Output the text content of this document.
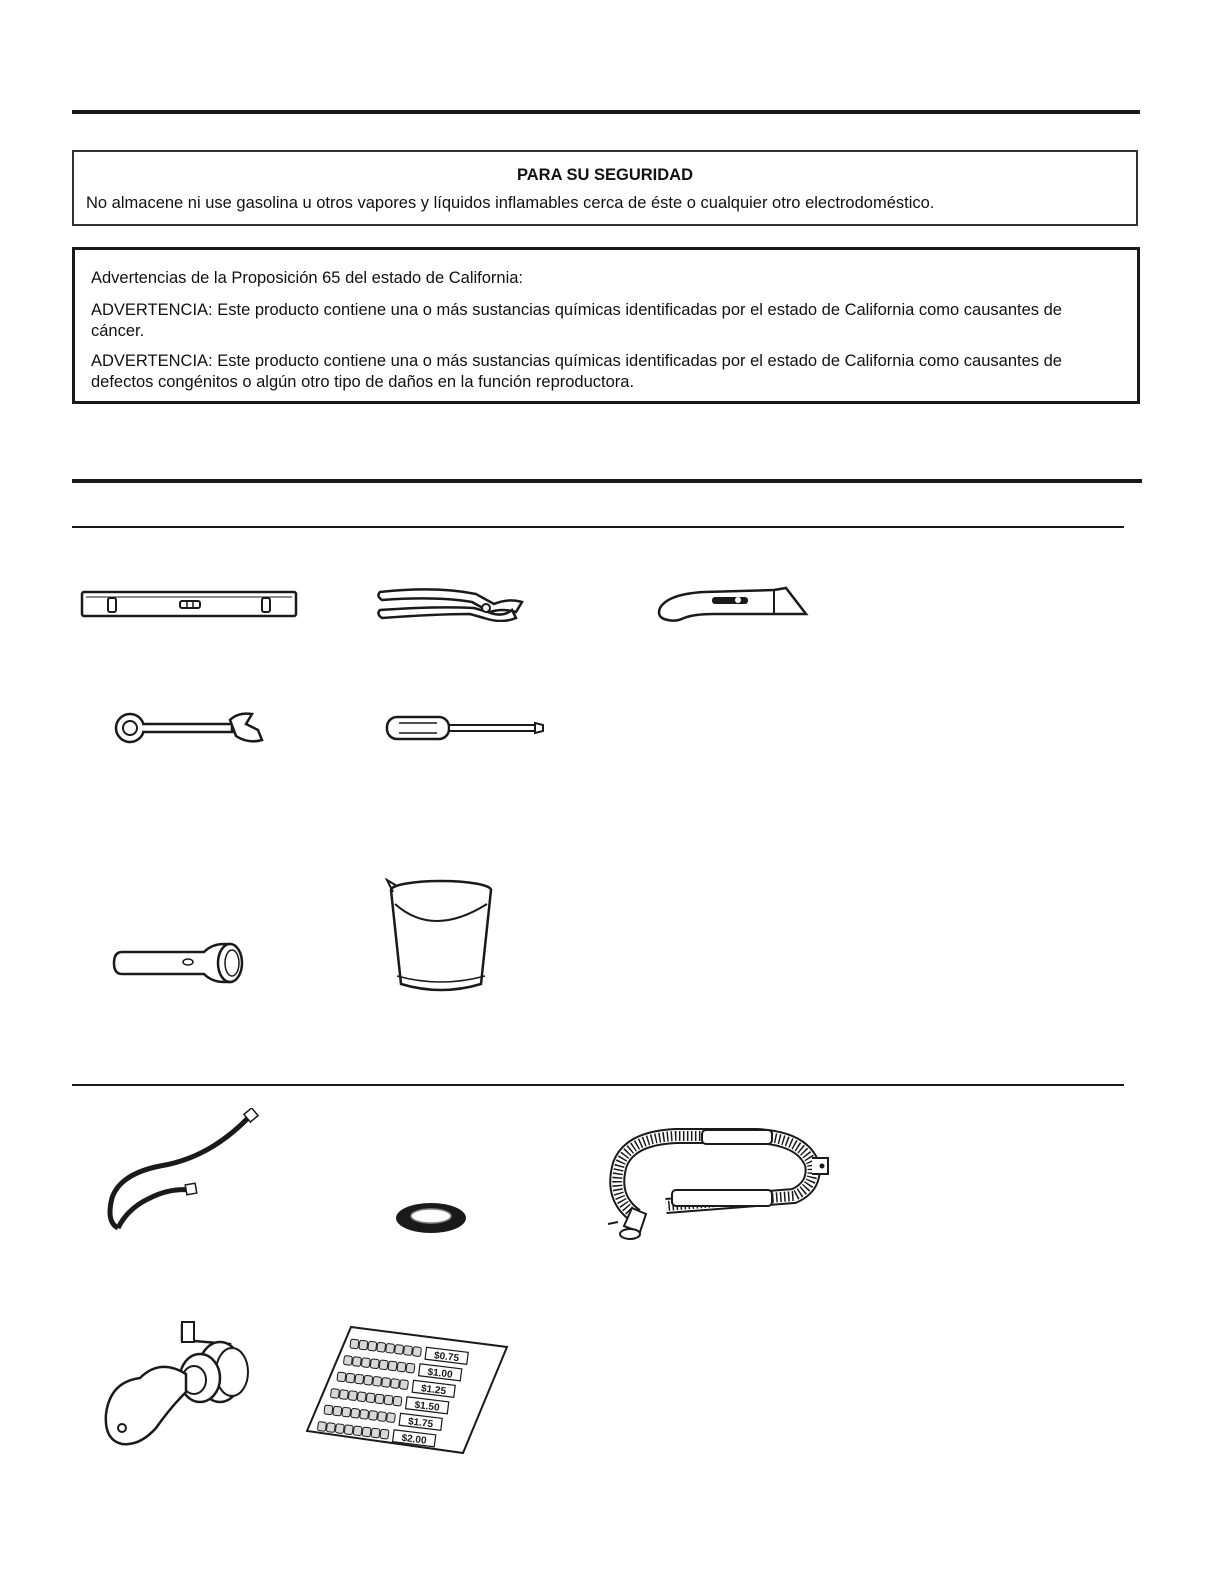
PARA SU SEGURIDAD
No almacene ni use gasolina u otros vapores y líquidos inflamables cerca de éste o cualquier otro electrodoméstico.
Advertencias de la Proposición 65 del estado de California:
ADVERTENCIA: Este producto contiene una o más sustancias químicas identificadas por el estado de California como causantes de cáncer.
ADVERTENCIA: Este producto contiene una o más sustancias químicas identificadas por el estado de California como causantes de defectos congénitos o algún otro tipo de daños en la función reproductora.
$0.75
$1.00
$1.25
$1.50
$1.75
$2.00
